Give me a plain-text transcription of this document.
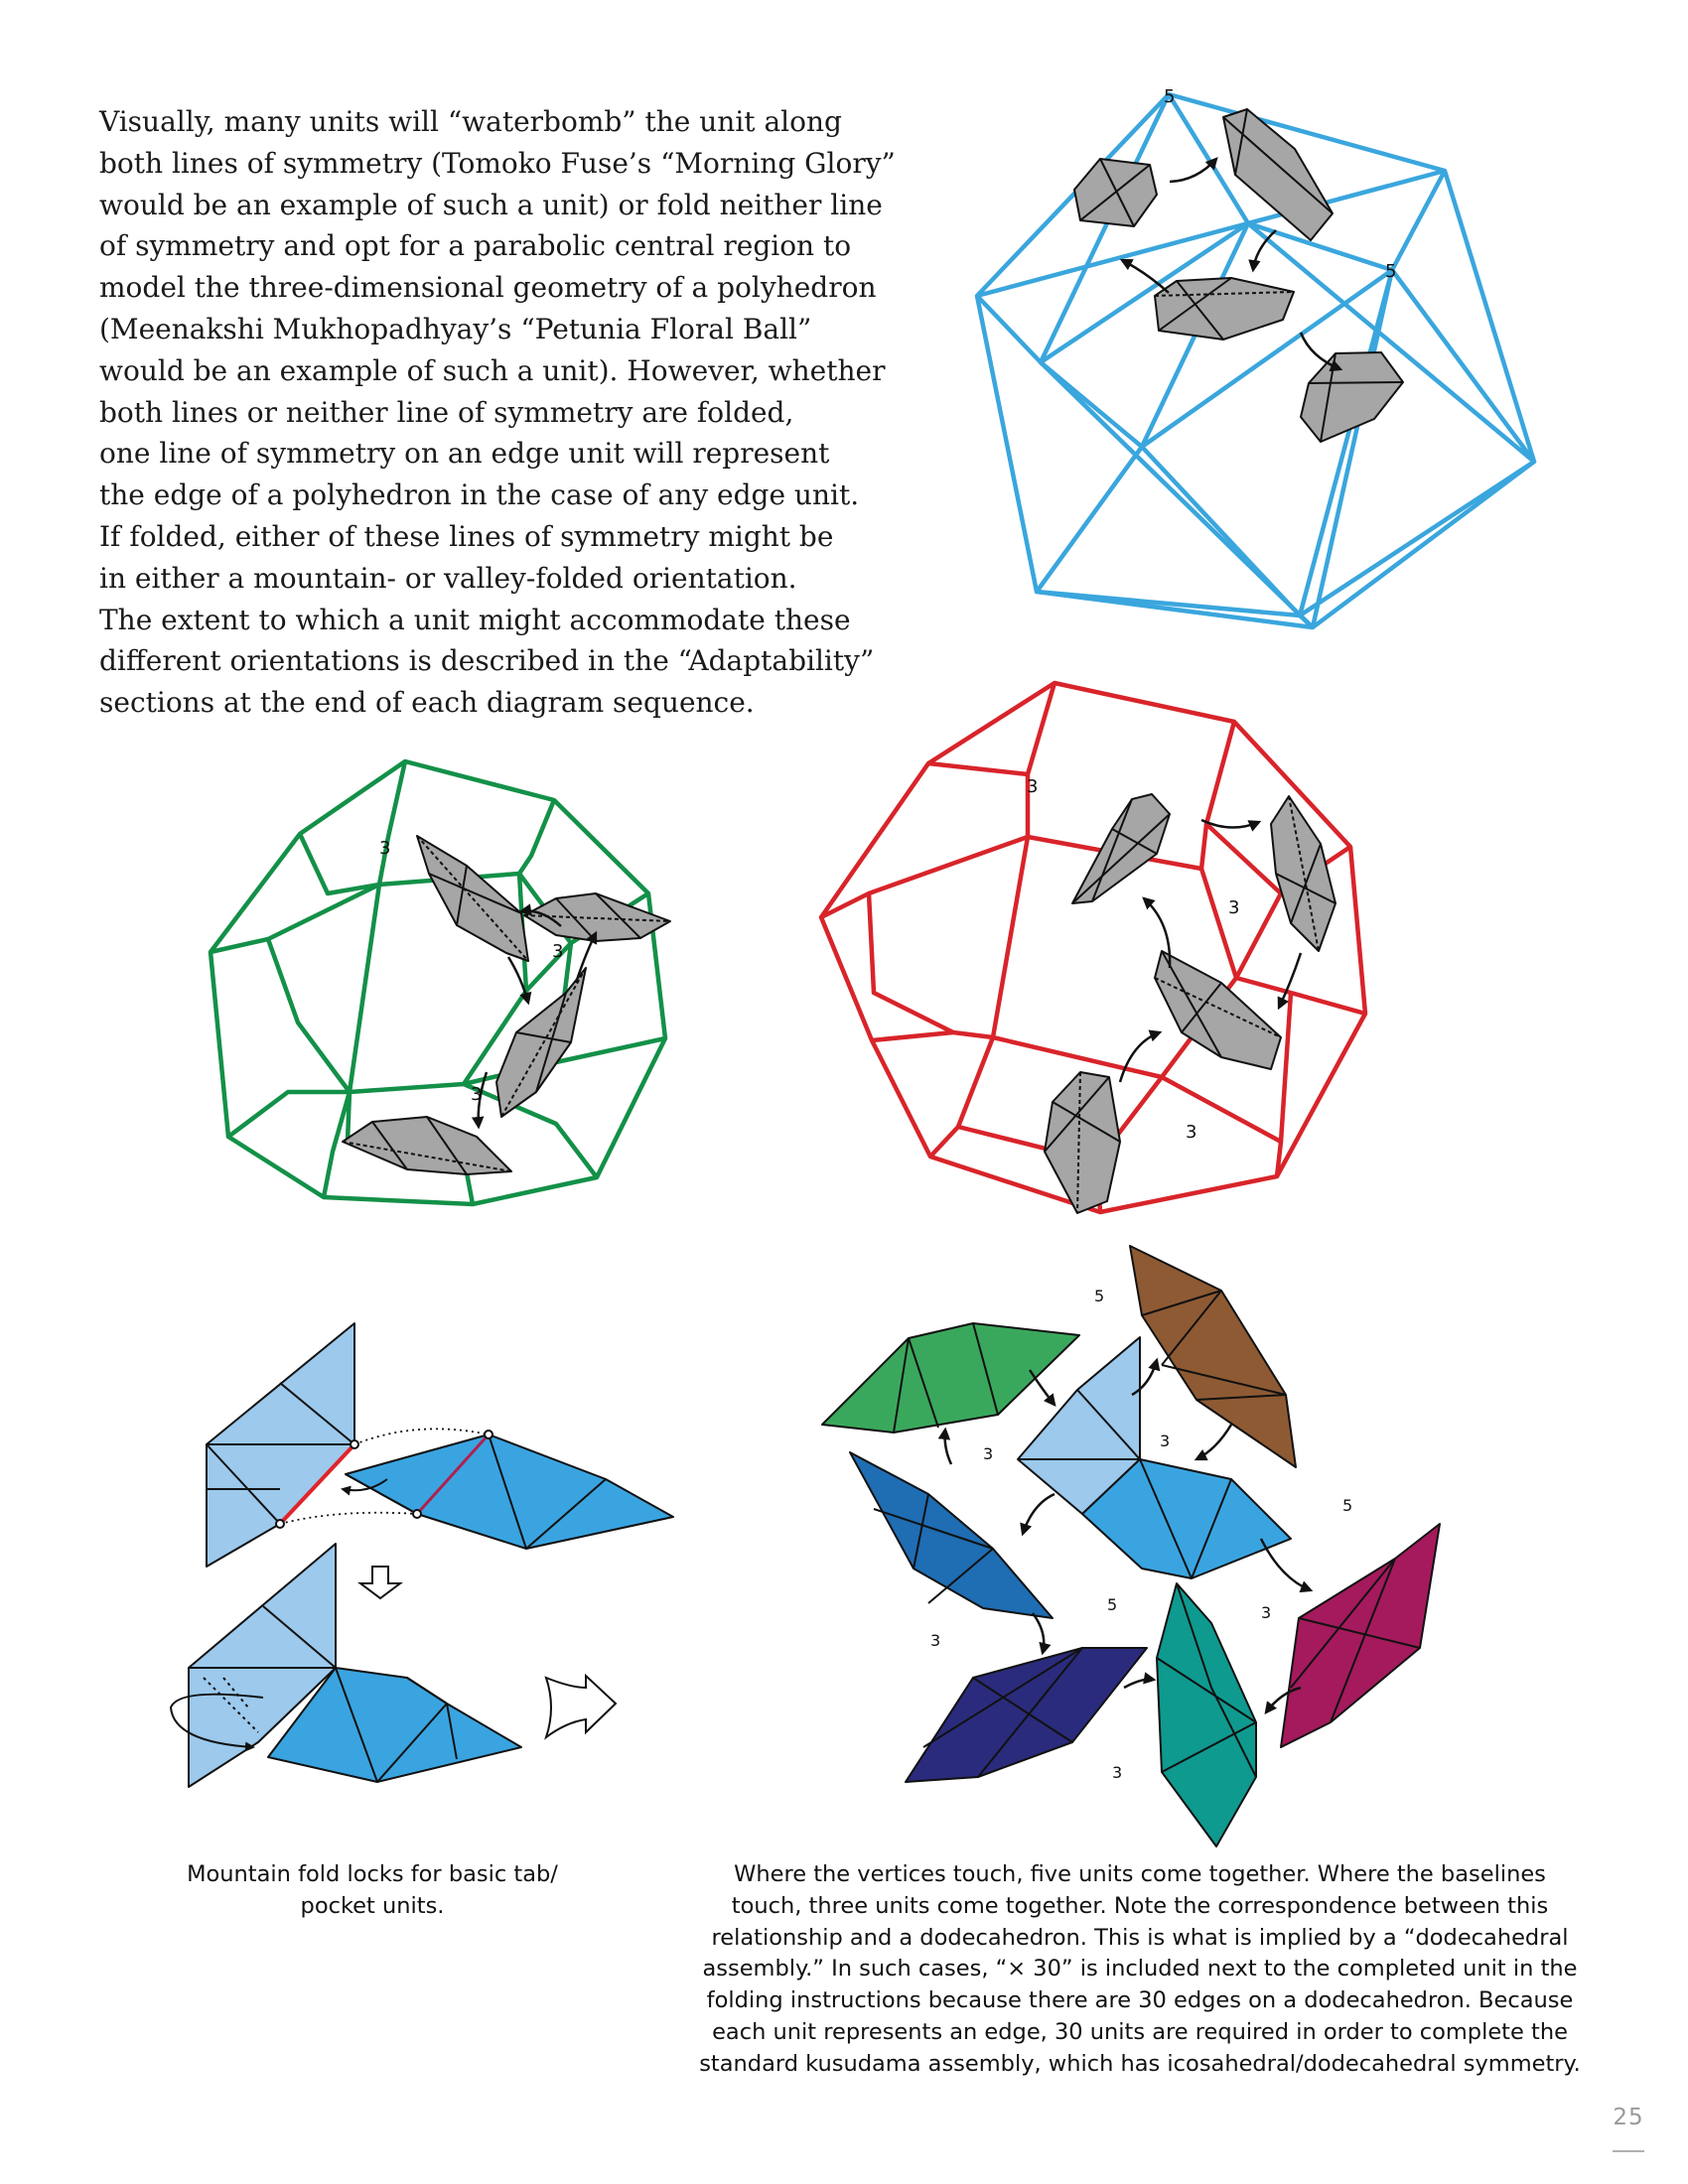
Visually, many units will “waterbomb” the unit along
both lines of symmetry (Tomoko Fuse’s “Morning Glory”
would be an example of such a unit) or fold neither line
of symmetry and opt for a parabolic central region to
model the three-dimensional geometry of a polyhedron
(Meenakshi Mukhopadhyay’s “Petunia Floral Ball”
would be an example of such a unit). However, whether
both lines or neither line of symmetry are folded,
one line of symmetry on an edge unit will represent
the edge of a polyhedron in the case of any edge unit.
If folded, either of these lines of symmetry might be
in either a mountain- or valley-folded orientation.
The extent to which a unit might accommodate these
different orientations is described in the “Adaptability”
sections at the end of each diagram sequence.
5
5
3
3
3
3
3
3
5
3
3
5
5	3
3
3
Mountain fold locks for basic tab/
pocket units.
Where the vertices touch, five units come together. Where the baselines
touch, three units come together. Note the correspondence between this
relationship and a dodecahedron. This is what is implied by a “dodecahedral
assembly.” In such cases, “× 30” is included next to the completed unit in the
folding instructions because there are 30 edges on a dodecahedron. Because
each unit represents an edge, 30 units are required in order to complete the
standard kusudama assembly, which has icosahedral/dodecahedral symmetry.
25
